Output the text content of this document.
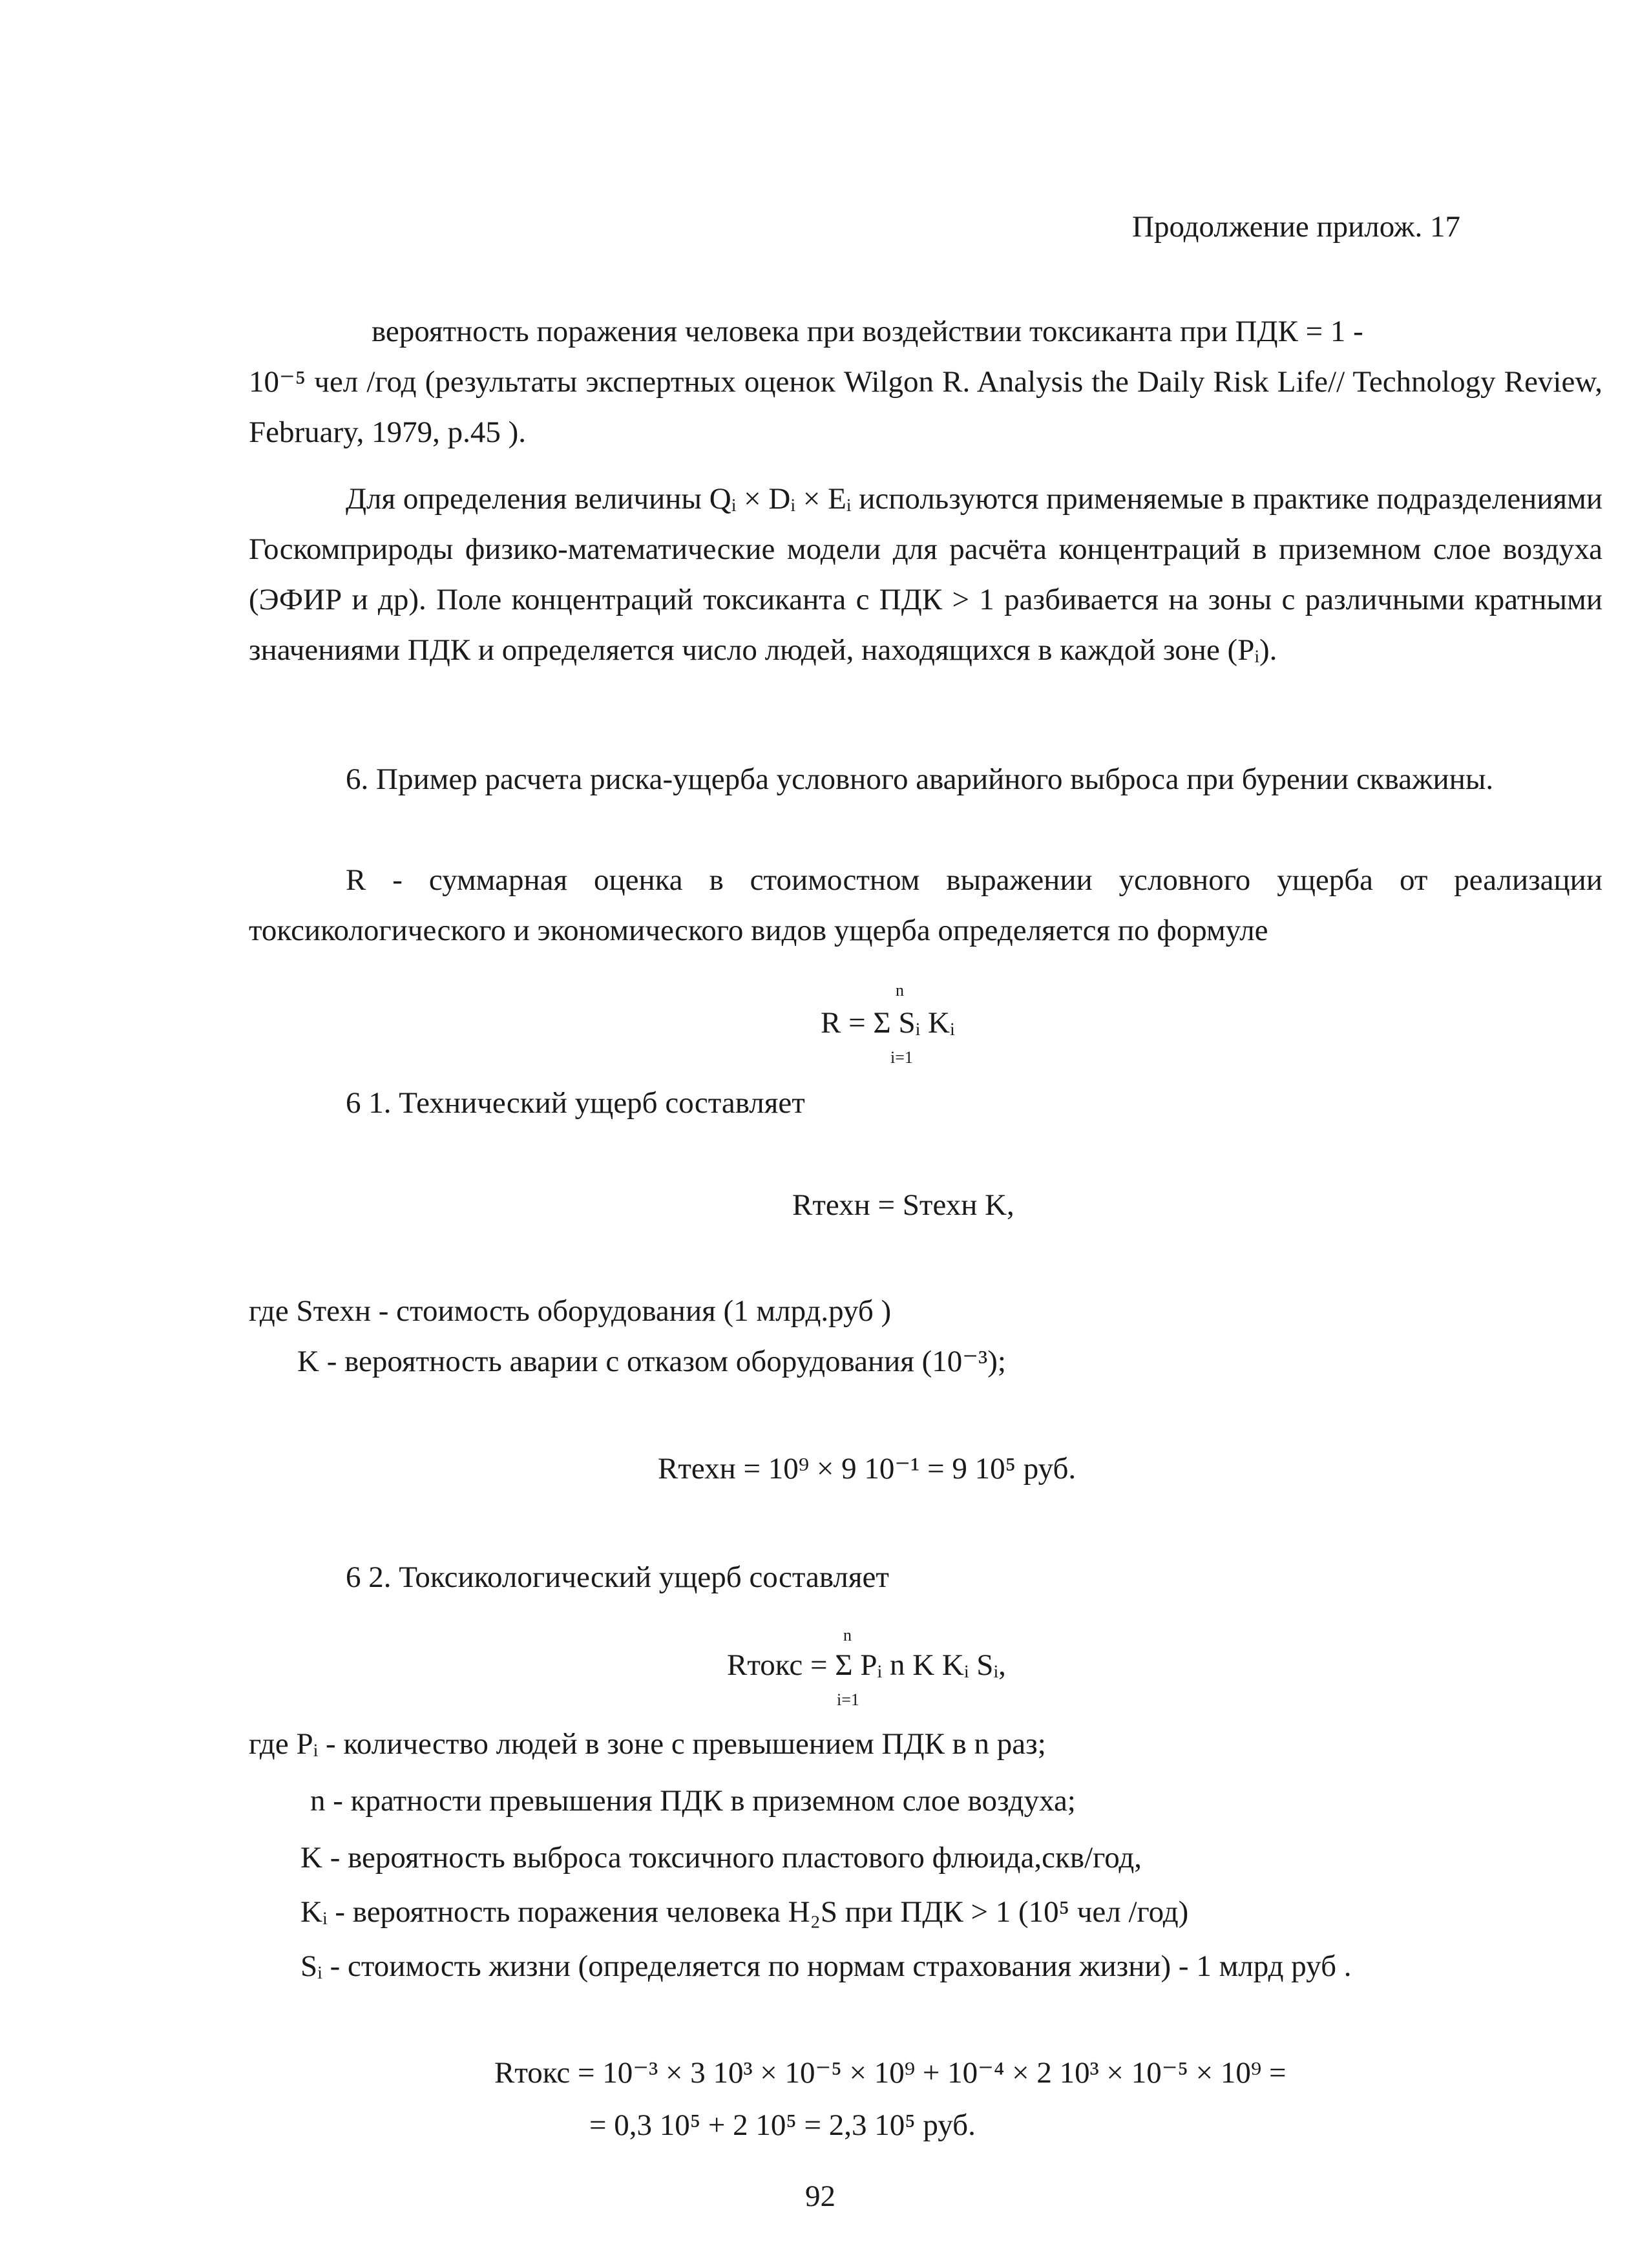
Продолжение прилож. 17
вероятность поражения человека при воздействии токсиканта при ПДК = 1 -
10⁻⁵ чел /год (результаты экспертных оценок Wilgon R. Analysis the Daily Risk Life// Technology Review, February, 1979, p.45 ).
Для определения величины Qᵢ × Dᵢ × Eᵢ используются применяемые в практике подразделениями Госкомприроды физико-математические модели для расчёта концентраций в приземном слое воздуха (ЭФИР и др). Поле концентраций токсиканта с ПДК > 1 разбивается на зоны с различными кратными значениями ПДК и определяется число людей, находящихся в каждой зоне (Pᵢ).
6. Пример расчета риска-ущерба условного аварийного выброса при бурении скважины.
R - суммарная оценка в стоимостном выражении условного ущерба от реализации токсикологического и экономического видов ущерба определяется по формуле
n
R = Σ Sᵢ Kᵢ
i=1
6 1. Технический ущерб составляет
Rтехн = Sтехн K,
где Sтехн - стоимость оборудования (1 млрд.руб )
K - вероятность аварии с отказом оборудования (10⁻³);
Rтехн = 10⁹ × 9 10⁻¹ = 9 10⁵ руб.
6 2. Токсикологический ущерб составляет
n
Rтокс = Σ Pᵢ n K Kᵢ Sᵢ,
i=1
где Pᵢ - количество людей в зоне с превышением ПДК в n раз;
n - кратности превышения ПДК в приземном слое воздуха;
K - вероятность выброса токсичного пластового флюида,скв/год,
Kᵢ - вероятность поражения человека H₂S при ПДК > 1 (10⁵ чел /год)
Sᵢ - стоимость жизни (определяется по нормам страхования жизни) - 1 млрд руб .
Rтокс = 10⁻³ × 3 10³ × 10⁻⁵ × 10⁹ + 10⁻⁴ × 2 10³ × 10⁻⁵ × 10⁹ =
= 0,3 10⁵ + 2 10⁵ = 2,3 10⁵ руб.
92
